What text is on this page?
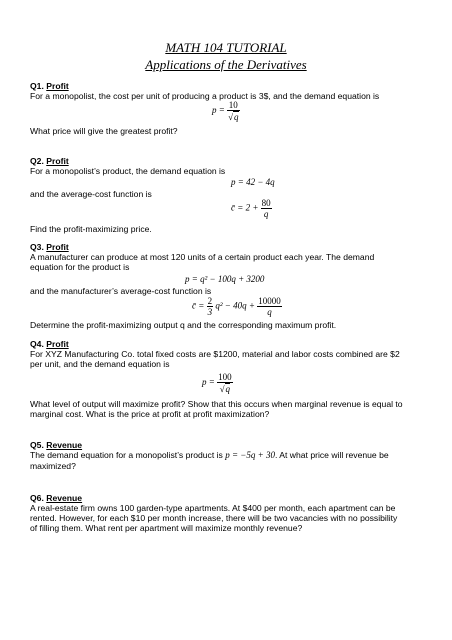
MATH 104 TUTORIAL
Applications of the Derivatives
Q1. Profit
For a monopolist, the cost per unit of producing a product is 3$, and the demand equation is
$p = \frac{10}{√q}$
What price will give the greatest profit?
Q2. Profit
For a monopolist’s product, the demand equation is
p = 42 − 4q
and the average-cost function is
c̄ = $2 + \frac{80}{q}$
Find the profit-maximizing price.
Q3. Profit
A manufacturer can produce at most 120 units of a certain product each year. The demand
equation for the product is
p = q² − 100q + 3200
and the manufacturer’s average-cost function is
c̄ = $\frac{2}{3} q^2 - 40q + \frac{10000}{q}$
Determine the profit-maximizing output q and the corresponding maximum profit.
Q4. Profit
For XYZ Manufacturing Co. total fixed costs are $1200, material and labor costs combined are $2
per unit, and the demand equation is
$p = \frac{100}{√q}$
What level of output will maximize profit? Show that this occurs when marginal revenue is equal to
marginal cost. What is the price at profit at profit maximization?
Q5. Revenue
The demand equation for a monopolist’s product is p = −5q + 30. At what price will revenue be
maximized?
Q6. Revenue
A real-estate firm owns 100 garden-type apartments. At $400 per month, each apartment can be
rented. However, for each $10 per month increase, there will be two vacancies with no possibility
of filling them. What rent per apartment will maximize monthly revenue?
